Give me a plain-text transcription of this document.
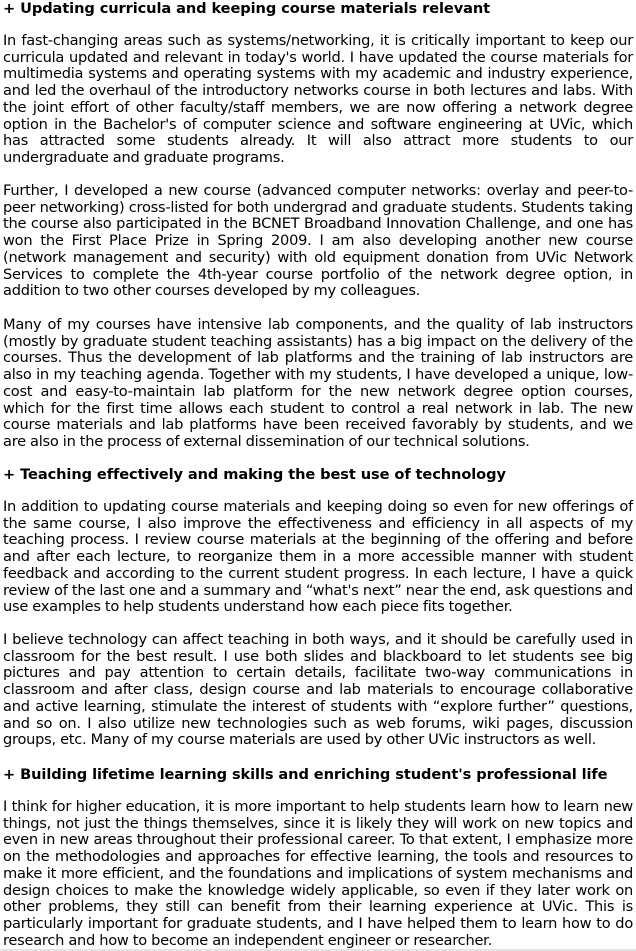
+ Updating curricula and keeping course materials relevant

In fast-changing areas such as systems/networking, it is critically important to keep our curricula updated and relevant in today's world. I have updated the course materials for multimedia systems and operating systems with my academic and industry experience, and led the overhaul of the introductory networks course in both lectures and labs. With the joint effort of other faculty/staff members, we are now offering a network degree option in the Bachelor's of computer science and software engineering at UVic, which has attracted some students already. It will also attract more students to our undergraduate and graduate programs.

Further, I developed a new course (advanced computer networks: overlay and peer-to-peer networking) cross-listed for both undergrad and graduate students. Students taking the course also participated in the BCNET Broadband Innovation Challenge, and one has won the First Place Prize in Spring 2009. I am also developing another new course (network management and security) with old equipment donation from UVic Network Services to complete the 4th-year course portfolio of the network degree option, in addition to two other courses developed by my colleagues.

Many of my courses have intensive lab components, and the quality of lab instructors (mostly by graduate student teaching assistants) has a big impact on the delivery of the courses. Thus the development of lab platforms and the training of lab instructors are also in my teaching agenda. Together with my students, I have developed a unique, low-cost and easy-to-maintain lab platform for the new network degree option courses, which for the first time allows each student to control a real network in lab. The new course materials and lab platforms have been received favorably by students, and we are also in the process of external dissemination of our technical solutions.

+ Teaching effectively and making the best use of technology

In addition to updating course materials and keeping doing so even for new offerings of the same course, I also improve the effectiveness and efficiency in all aspects of my teaching process. I review course materials at the beginning of the offering and before and after each lecture, to reorganize them in a more accessible manner with student feedback and according to the current student progress. In each lecture, I have a quick review of the last one and a summary and “what's next” near the end, ask questions and use examples to help students understand how each piece fits together.

I believe technology can affect teaching in both ways, and it should be carefully used in classroom for the best result. I use both slides and blackboard to let students see big pictures and pay attention to certain details, facilitate two-way communications in classroom and after class, design course and lab materials to encourage collaborative and active learning, stimulate the interest of students with “explore further” questions, and so on. I also utilize new technologies such as web forums, wiki pages, discussion groups, etc. Many of my course materials are used by other UVic instructors as well.

+ Building lifetime learning skills and enriching student's professional life

I think for higher education, it is more important to help students learn how to learn new things, not just the things themselves, since it is likely they will work on new topics and even in new areas throughout their professional career. To that extent, I emphasize more on the methodologies and approaches for effective learning, the tools and resources to make it more efficient, and the foundations and implications of system mechanisms and design choices to make the knowledge widely applicable, so even if they later work on other problems, they still can benefit from their learning experience at UVic. This is particularly important for graduate students, and I have helped them to learn how to do research and how to become an independent engineer or researcher.
